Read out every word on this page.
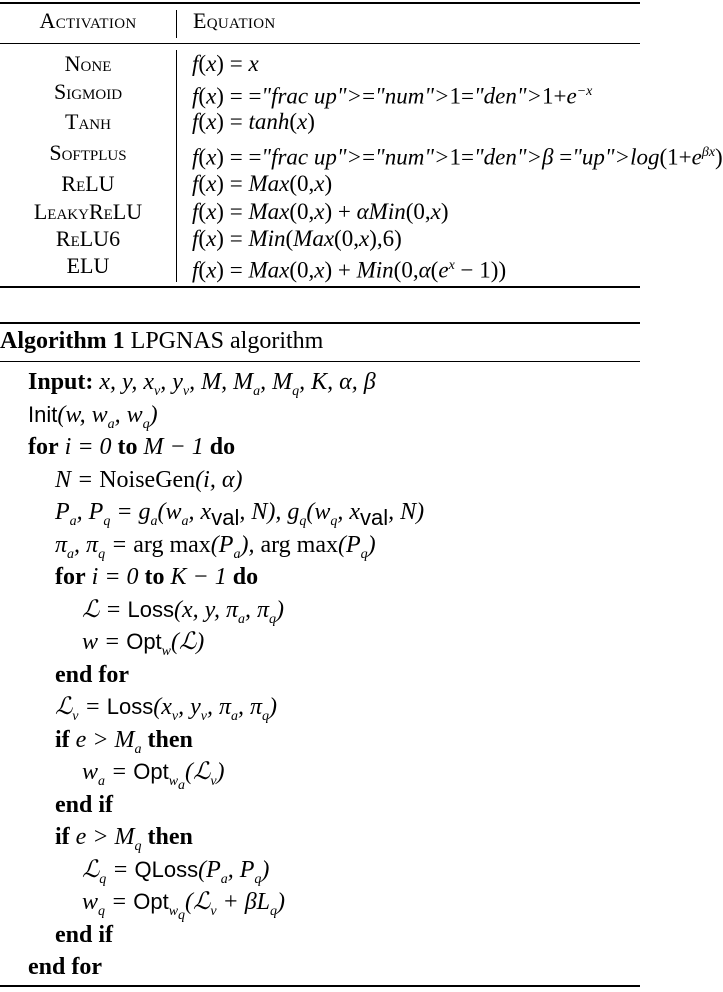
Activation	Equation
None
Sigmoid
Tanh
Softplus
ReLU
LeakyReLU
ReLU6
ELU
f(x) = x
f(x) = ="frac $up">="num">1="den">1+e^{-x}$
f(x) = tanh(x)
f(x) = ="frac up">="num">1="den">β $="up">\log(1+e^{\beta x})$
f(x) = Max(0,x)
f(x) = Max(0,x) + αMin(0,x)
f(x) = Min(Max(0,x),6)
$f(x) = Max(0,x) + Min(0,\alpha(e^x - 1))$
Algorithm 1 LPGNAS algorithm
Input: x, y, $x_v$, $y_v$, M, $M_a$, $M_q$, K, α, β
Init(w, $w_a$, $w_q$)
for i = 0 to M − 1 do
N = NoiseGen(i, α)
$P_a$, $P_q = g_a(w_a$, $x_{val}$, N), $g_q(w_q$, $x_{val}$, N)
$\pi_a$, $\pi_q$ = arg $\max(P_a)$, arg $\max(P_q)$
for i = 0 to K − 1 do
ℒ = Loss(x, y, $\pi_a$, $\pi_q$)
w = Opt$_w$(ℒ)
end for
ℒ$_v$ = $Loss(x_v$, $y_v$, $\pi_a$, $\pi_q$)
if $e > M_a$ then
$w_a$ = Opt$_{w_a}$(ℒ$_v$)
end if
if $e > M_q$ then
ℒ$_q$ = $QLoss(P_a$, $P_q$)
$w_q$ = Opt$_{w_q}$(ℒ$_v$ + $\beta L_q$)
end if
end for
